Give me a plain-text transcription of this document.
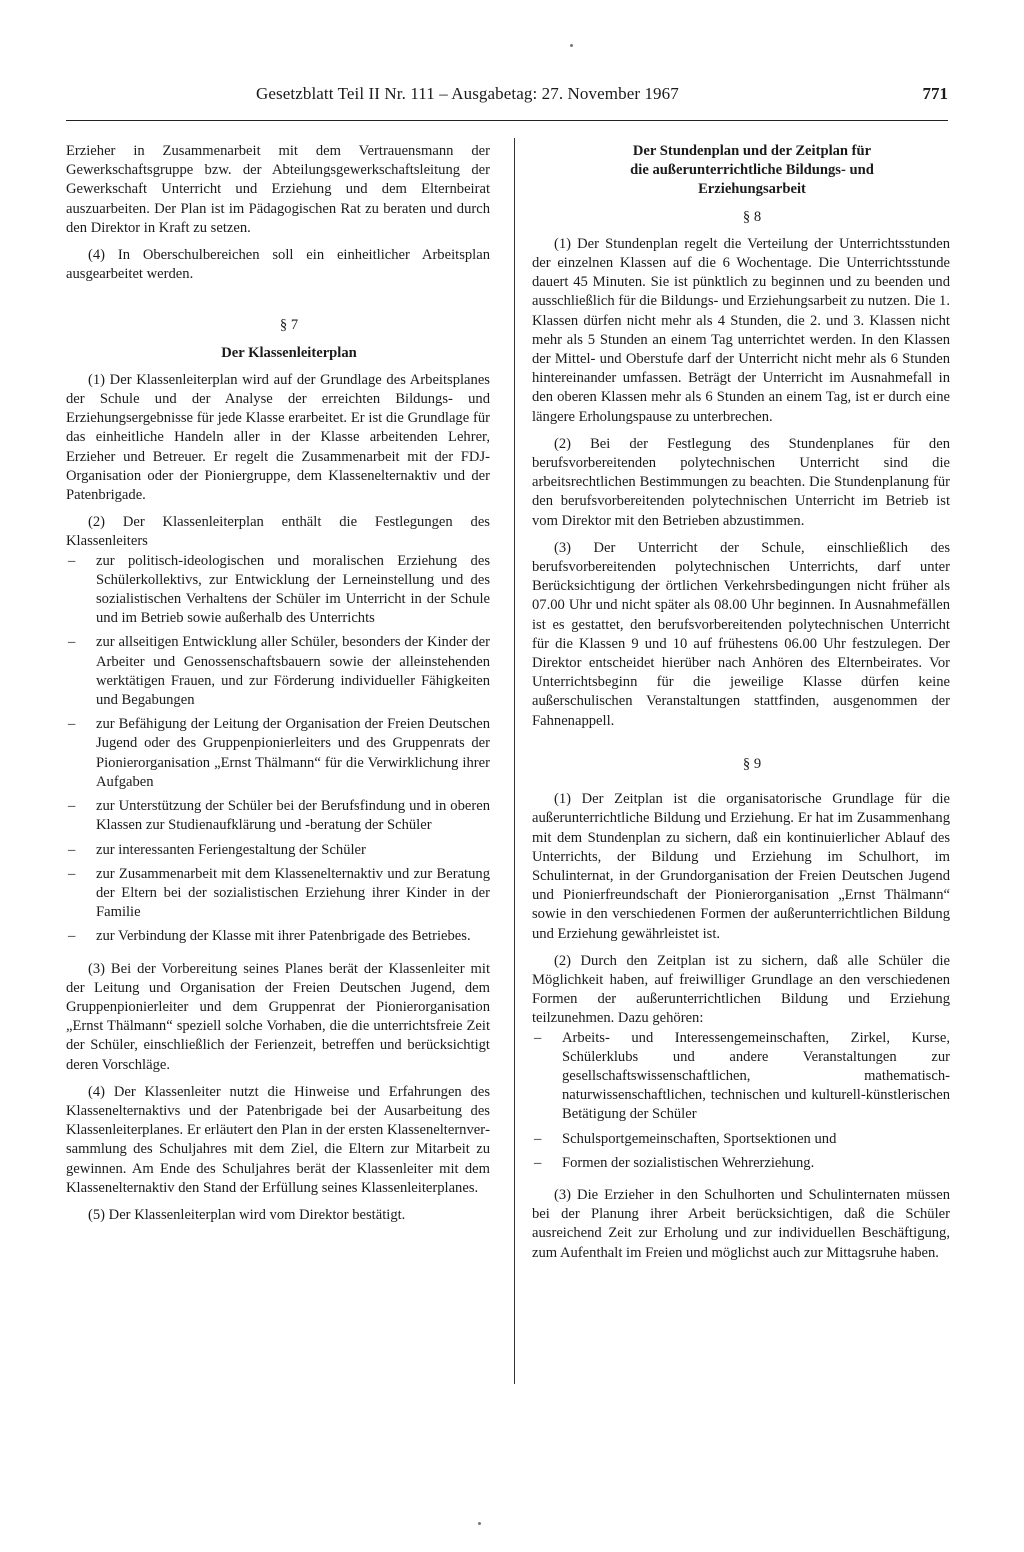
Gesetzblatt Teil II Nr. 111 – Ausgabetag: 27. November 1967	771

Erzieher in Zusammenarbeit mit dem Vertrauensmann der Gewerkschaftsgruppe bzw. der Abteilungsgewerkschaftsleitung der Gewerkschaft Unterricht und Erziehung und dem Elternbeirat auszuarbeiten. Der Plan ist im Pädagogischen Rat zu beraten und durch den Direktor in Kraft zu setzen.

(4) In Oberschulbereichen soll ein einheitlicher Arbeitsplan ausgearbeitet werden.

§ 7

Der Klassenleiterplan

(1) Der Klassenleiterplan wird auf der Grundlage des Arbeitsplanes der Schule und der Analyse der erreichten Bildungs- und Erziehungsergebnisse für jede Klasse erarbeitet. Er ist die Grundlage für das einheitliche Handeln aller in der Klasse arbeitenden Lehrer, Erzieher und Betreuer. Er regelt die Zusammenarbeit mit der FDJ-Organisation oder der Pioniergruppe, dem Klassenelternaktiv und der Patenbrigade.

(2) Der Klassenleiterplan enthält die Festlegungen des Klassenleiters

– zur politisch-ideologischen und moralischen Erziehung des Schülerkollektivs, zur Entwicklung der Lerneinstellung und des sozialistischen Verhaltens der Schüler im Unterricht in der Schule und im Betrieb sowie außerhalb des Unterrichts
– zur allseitigen Entwicklung aller Schüler, besonders der Kinder der Arbeiter und Genossenschaftsbauern sowie der alleinstehenden werktätigen Frauen, und zur Förderung individueller Fähigkeiten und Begabungen
– zur Befähigung der Leitung der Organisation der Freien Deutschen Jugend oder des Gruppenpionierleiters und des Gruppenrats der Pionierorganisation „Ernst Thälmann“ für die Verwirklichung ihrer Aufgaben
– zur Unterstützung der Schüler bei der Berufsfindung und in oberen Klassen zur Studienaufklärung und -beratung der Schüler
– zur interessanten Feriengestaltung der Schüler
– zur Zusammenarbeit mit dem Klassenelternaktiv und zur Beratung der Eltern bei der sozialistischen Erziehung ihrer Kinder in der Familie
– zur Verbindung der Klasse mit ihrer Patenbrigade des Betriebes.

(3) Bei der Vorbereitung seines Planes berät der Klassenleiter mit der Leitung und Organisation der Freien Deutschen Jugend, dem Gruppenpionierleiter und dem Gruppenrat der Pionierorganisation „Ernst Thälmann“ speziell solche Vorhaben, die die unterrichtsfreie Zeit der Schüler, einschließlich der Ferienzeit, betreffen und berücksichtigt deren Vorschläge.

(4) Der Klassenleiter nutzt die Hinweise und Erfahrungen des Klassenelternaktivs und der Patenbrigade bei der Ausarbeitung des Klassenleiterplanes. Er erläutert den Plan in der ersten Klassenelternversammlung des Schuljahres mit dem Ziel, die Eltern zur Mitarbeit zu gewinnen. Am Ende des Schuljahres berät der Klassenleiter mit dem Klassenelternaktiv den Stand der Erfüllung seines Klassenleiterplanes.

(5) Der Klassenleiterplan wird vom Direktor bestätigt.

Der Stundenplan und der Zeitplan für

die außerunterrichtliche Bildungs- und

Erziehungsarbeit

§ 8

(1) Der Stundenplan regelt die Verteilung der Unterrichtsstunden der einzelnen Klassen auf die 6 Wochentage. Die Unterrichtsstunde dauert 45 Minuten. Sie ist pünktlich zu beginnen und zu beenden und ausschließlich für die Bildungs- und Erziehungsarbeit zu nutzen. Die 1. Klassen dürfen nicht mehr als 4 Stunden, die 2. und 3. Klassen nicht mehr als 5 Stunden an einem Tag unterrichtet werden. In den Klassen der Mittel- und Oberstufe darf der Unterricht nicht mehr als 6 Stunden hintereinander umfassen. Beträgt der Unterricht im Ausnahmefall in den oberen Klassen mehr als 6 Stunden an einem Tag, ist er durch eine längere Erholungspause zu unterbrechen.

(2) Bei der Festlegung des Stundenplanes für den berufsvorbereitenden polytechnischen Unterricht sind die arbeitsrechtlichen Bestimmungen zu beachten. Die Stundenplanung für den berufsvorbereitenden polytechnischen Unterricht im Betrieb ist vom Direktor mit den Betrieben abzustimmen.

(3) Der Unterricht der Schule, einschließlich des berufsvorbereitenden polytechnischen Unterrichts, darf unter Berücksichtigung der örtlichen Verkehrsbedingungen nicht früher als 07.00 Uhr und nicht später als 08.00 Uhr beginnen. In Ausnahmefällen ist es gestattet, den berufsvorbereitenden polytechnischen Unterricht für die Klassen 9 und 10 auf frühestens 06.00 Uhr festzulegen. Der Direktor entscheidet hierüber nach Anhören des Elternbeirates. Vor Unterrichtsbeginn für die jeweilige Klasse dürfen keine außerschulischen Veranstaltungen stattfinden, ausgenommen der Fahnenappell.

§ 9

(1) Der Zeitplan ist die organisatorische Grundlage für die außerunterrichtliche Bildung und Erziehung. Er hat im Zusammenhang mit dem Stundenplan zu sichern, daß ein kontinuierlicher Ablauf des Unterrichts, der Bildung und Erziehung im Schulhort, im Schulinternat, in der Grundorganisation der Freien Deutschen Jugend und Pionierfreundschaft der Pionierorganisation „Ernst Thälmann“ sowie in den verschiedenen Formen der außerunterrichtlichen Bildung und Erziehung gewährleistet ist.

(2) Durch den Zeitplan ist zu sichern, daß alle Schüler die Möglichkeit haben, auf freiwilliger Grundlage an den verschiedenen Formen der außerunterrichtlichen Bildung und Erziehung teilzunehmen. Dazu gehören:

– Arbeits- und Interessengemeinschaften, Zirkel, Kurse, Schülerklubs und andere Veranstaltungen zur gesellschaftswissenschaftlichen, mathematisch-naturwissenschaftlichen, technischen und kulturell-künstlerischen Betätigung der Schüler
– Schulsportgemeinschaften, Sportsektionen und
– Formen der sozialistischen Wehrerziehung.

(3) Die Erzieher in den Schulhorten und Schulinternaten müssen bei der Planung ihrer Arbeit berücksichtigen, daß die Schüler ausreichend Zeit zur Erholung und zur individuellen Beschäftigung, zum Aufenthalt im Freien und möglichst auch zur Mittagsruhe haben.
